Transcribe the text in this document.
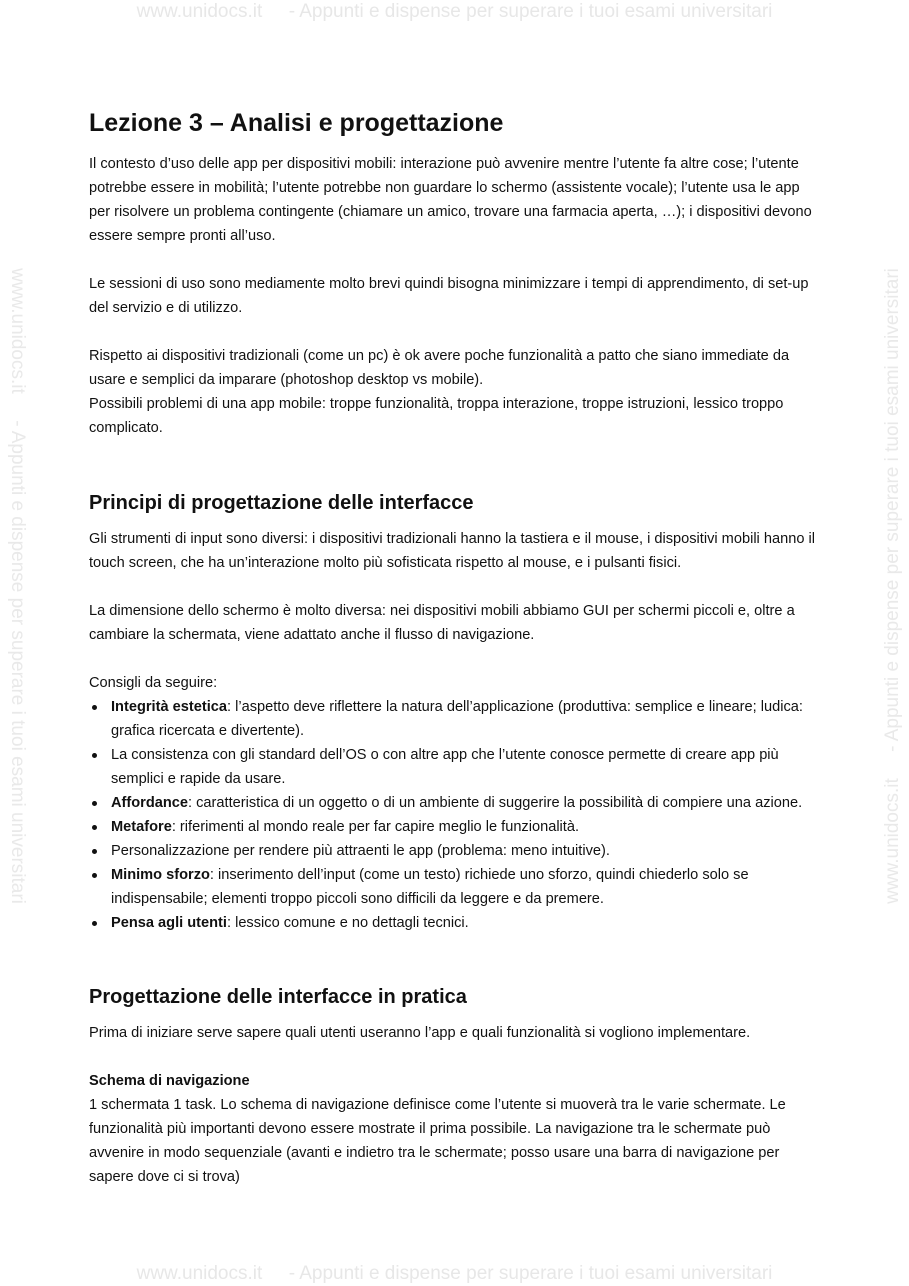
www.unidocs.it - Appunti e dispense per superare i tuoi esami universitari
www.unidocs.it     - Appunti e dispense per superare i tuoi esami universitari	www.unidocs.it     - Appunti e dispense per superare i tuoi esami universitari
www.unidocs.it - Appunti e dispense per superare i tuoi esami universitari
Lezione 3 – Analisi e progettazione

Il contesto d’uso delle app per dispositivi mobili: interazione può avvenire mentre l’utente fa altre cose; l’utente potrebbe essere in mobilità; l’utente potrebbe non guardare lo schermo (assistente vocale); l’utente usa le app per risolvere un problema contingente (chiamare un amico, trovare una farmacia aperta, …); i dispositivi devono essere sempre pronti all’uso.

Le sessioni di uso sono mediamente molto brevi quindi bisogna minimizzare i tempi di apprendimento, di set-up del servizio e di utilizzo.

Rispetto ai dispositivi tradizionali (come un pc) è ok avere poche funzionalità a patto che siano immediate da usare e semplici da imparare (photoshop desktop vs mobile).

Possibili problemi di una app mobile: troppe funzionalità, troppa interazione, troppe istruzioni, lessico troppo complicato.

Principi di progettazione delle interfacce

Gli strumenti di input sono diversi: i dispositivi tradizionali hanno la tastiera e il mouse, i dispositivi mobili hanno il touch screen, che ha un’interazione molto più sofisticata rispetto al mouse, e i pulsanti fisici.

La dimensione dello schermo è molto diversa: nei dispositivi mobili abbiamo GUI per schermi piccoli e, oltre a cambiare la schermata, viene adattato anche il flusso di navigazione.

Consigli da seguire:

Integrità estetica: l’aspetto deve riflettere la natura dell’applicazione (produttiva: semplice e lineare; ludica: grafica ricercata e divertente).
La consistenza con gli standard dell’OS o con altre app che l’utente conosce permette di creare app più semplici e rapide da usare.
Affordance: caratteristica di un oggetto o di un ambiente di suggerire la possibilità di compiere una azione.
Metafore: riferimenti al mondo reale per far capire meglio le funzionalità.
Personalizzazione per rendere più attraenti le app (problema: meno intuitive).
Minimo sforzo: inserimento dell’input (come un testo) richiede uno sforzo, quindi chiederlo solo se indispensabile; elementi troppo piccoli sono difficili da leggere e da premere.
Pensa agli utenti: lessico comune e no dettagli tecnici.
Progettazione delle interfacce in pratica

Prima di iniziare serve sapere quali utenti useranno l’app e quali funzionalità si vogliono implementare.

Schema di navigazione

1 schermata 1 task. Lo schema di navigazione definisce come l’utente si muoverà tra le varie schermate. Le funzionalità più importanti devono essere mostrate il prima possibile. La navigazione tra le schermate può avvenire in modo sequenziale (avanti e indietro tra le schermate; posso usare una barra di navigazione per sapere dove ci si trova)
